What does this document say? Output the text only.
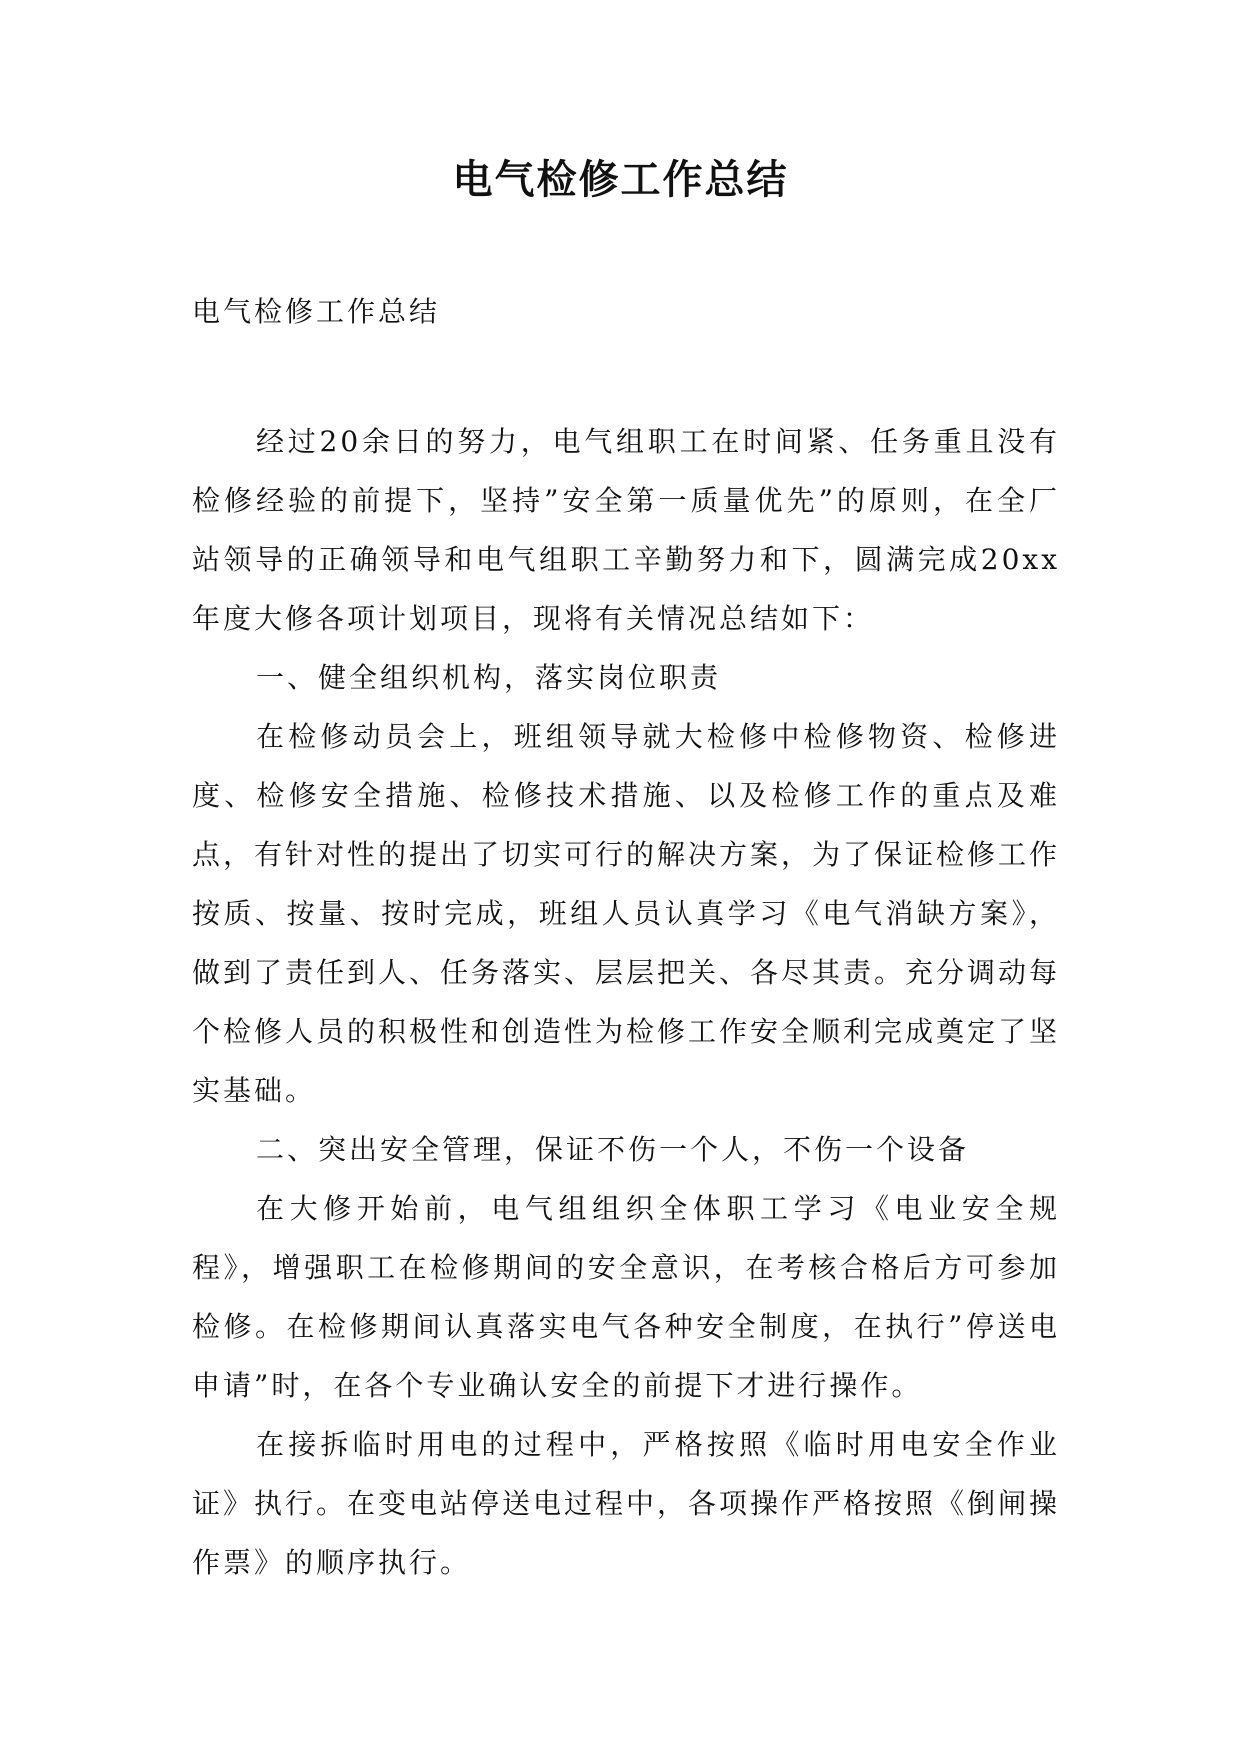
电气检修工作总结
电气检修工作总结

经过20余日的努力，电气组职工在时间紧、任务重且没有检修经验的前提下，坚持”安全第一质量优先”的原则，在全厂站领导的正确领导和电气组职工辛勤努力和下，圆满完成20xx年度大修各项计划项目，现将有关情况总结如下：

一、健全组织机构，落实岗位职责

在检修动员会上，班组领导就大检修中检修物资、检修进度、检修安全措施、检修技术措施、以及检修工作的重点及难点，有针对性的提出了切实可行的解决方案，为了保证检修工作按质、按量、按时完成，班组人员认真学习《电气消缺方案》，做到了责任到人、任务落实、层层把关、各尽其责。充分调动每个检修人员的积极性和创造性为检修工作安全顺利完成奠定了坚实基础。

二、突出安全管理，保证不伤一个人，不伤一个设备

在大修开始前，电气组组织全体职工学习《电业安全规程》，增强职工在检修期间的安全意识，在考核合格后方可参加检修。在检修期间认真落实电气各种安全制度，在执行”停送电申请”时，在各个专业确认安全的前提下才进行操作。

在接拆临时用电的过程中，严格按照《临时用电安全作业证》执行。在变电站停送电过程中，各项操作严格按照《倒闸操作票》的顺序执行。
